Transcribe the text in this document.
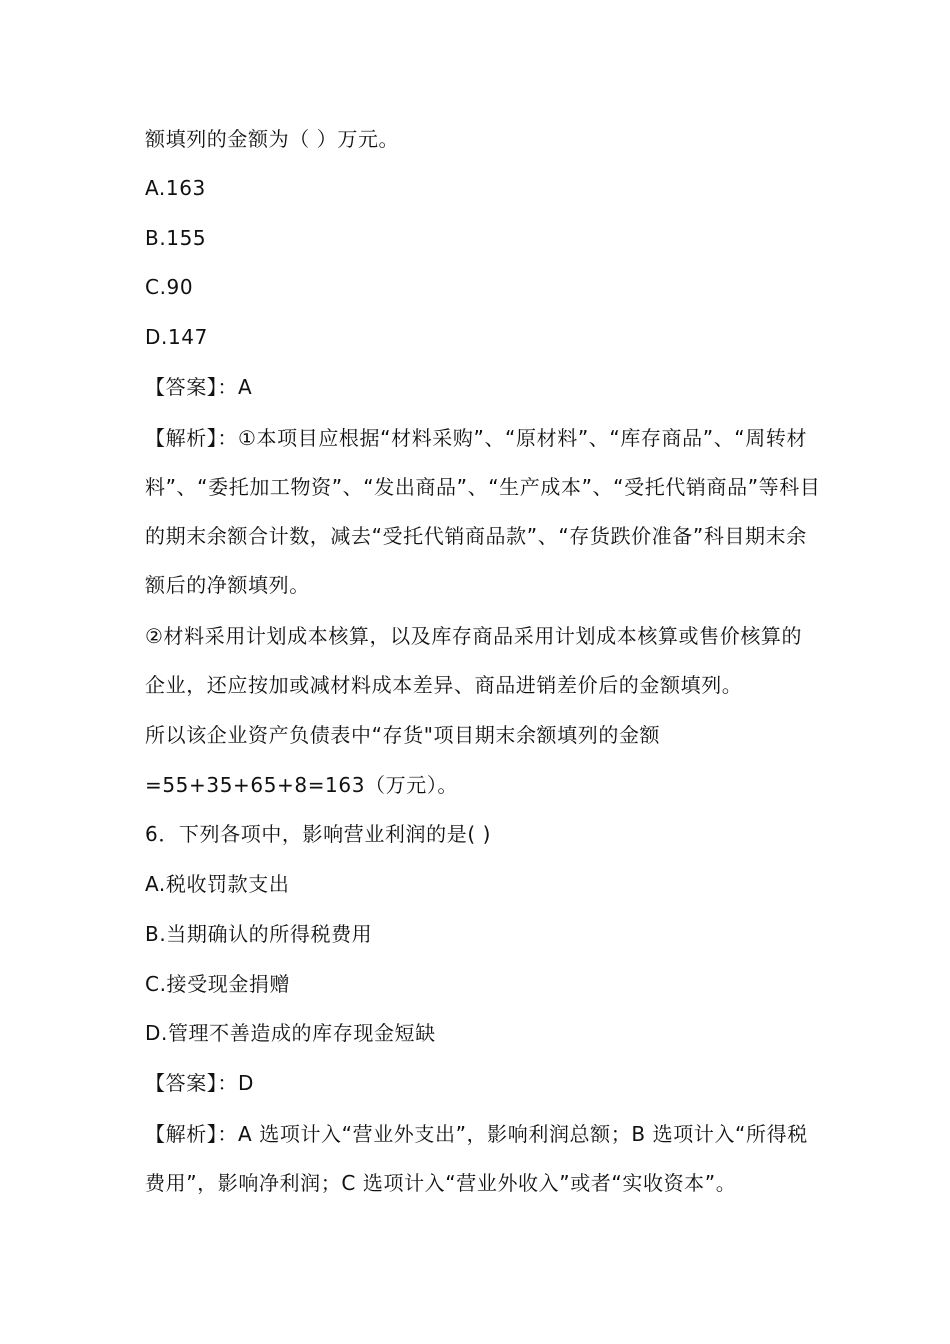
额填列的金额为（ ）万元。
A.163
B.155
C.90
D.147
【答案】：A
【解析】：①本项目应根据“材料采购”、“原材料”、“库存商品”、“周转材
料”、“委托加工物资”、“发出商品”、“生产成本”、“受托代销商品”等科目
的期末余额合计数，减去“受托代销商品款”、“存货跌价准备”科目期末余
额后的净额填列。
②材料采用计划成本核算，以及库存商品采用计划成本核算或售价核算的
企业，还应按加或减材料成本差异、商品进销差价后的金额填列。
所以该企业资产负债表中“存货"项目期末余额填列的金额
=55+35+65+8=163（万元）。
6．下列各项中，影响营业利润的是( )
A.税收罚款支出
B.当期确认的所得税费用
C.接受现金捐赠
D.管理不善造成的库存现金短缺
【答案】：D
【解析】：A 选项计入“营业外支出”，影响利润总额；B 选项计入“所得税
费用”，影响净利润；C 选项计入“营业外收入”或者“实收资本”。
